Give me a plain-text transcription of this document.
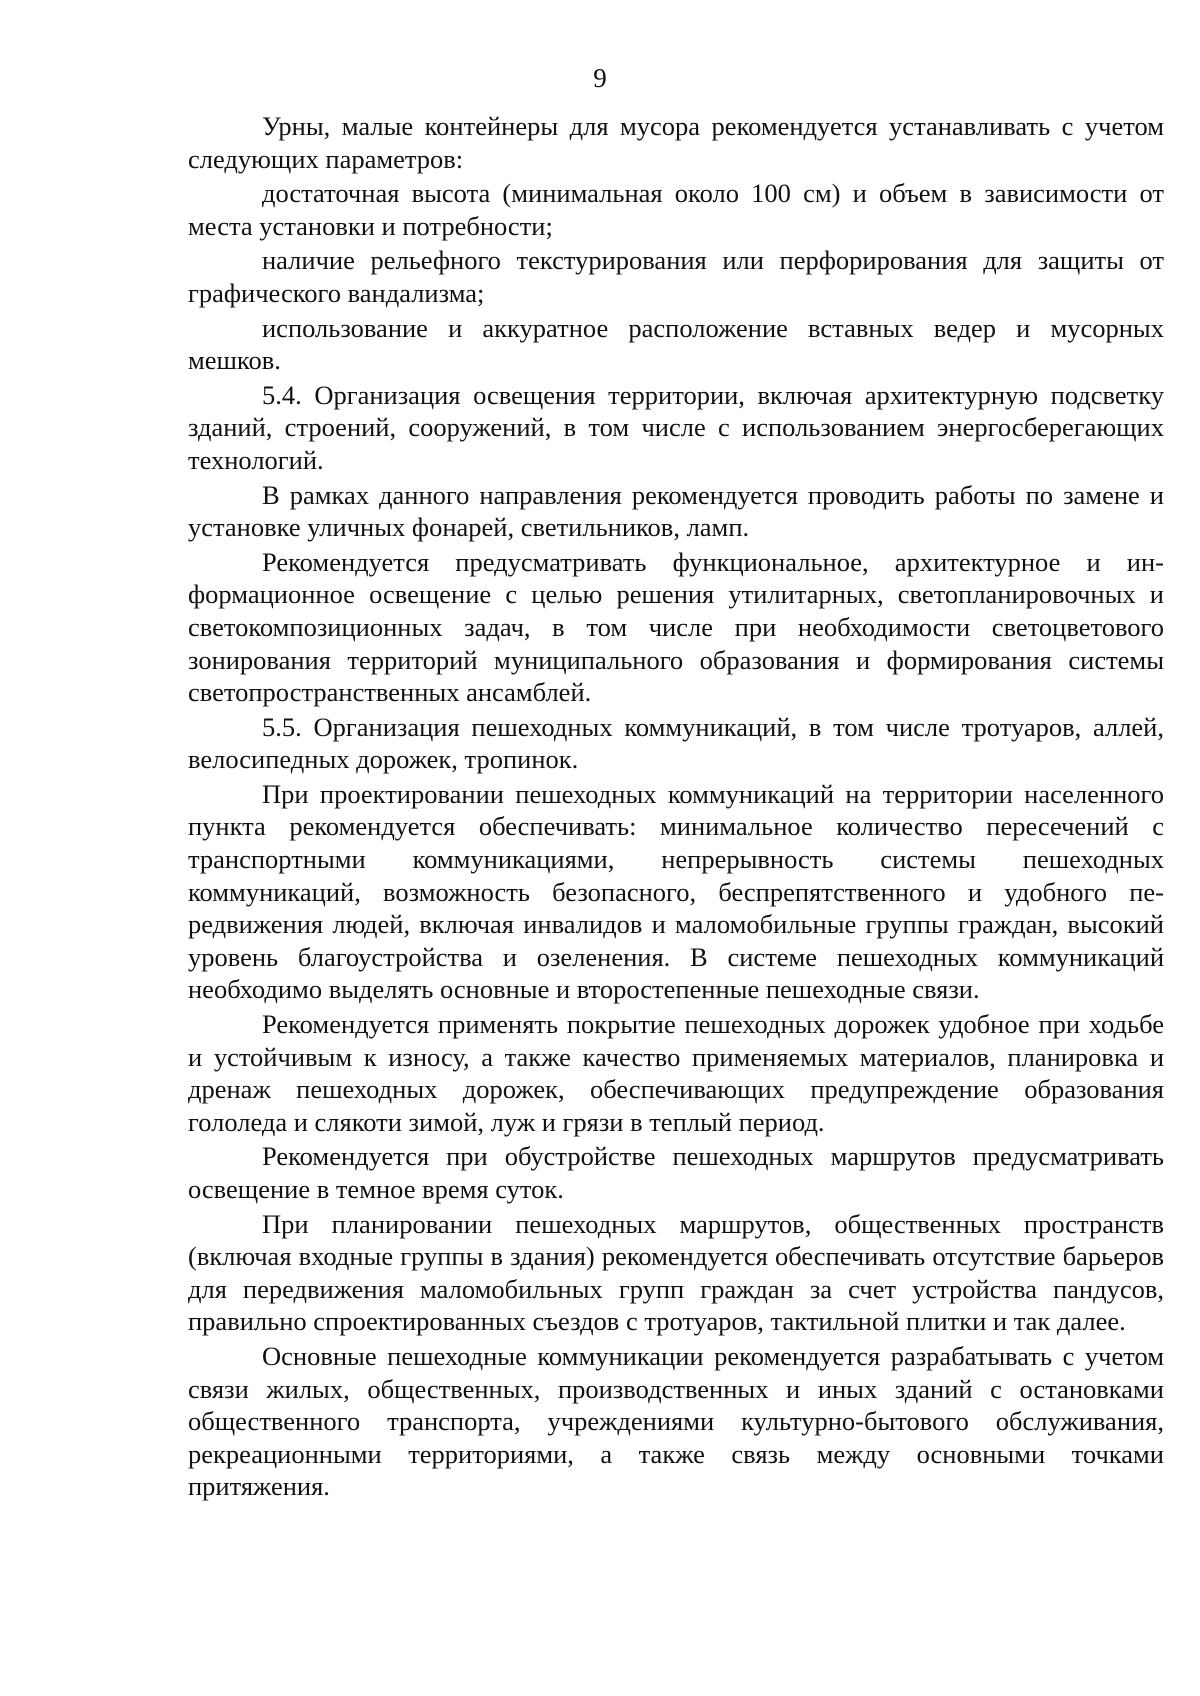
9

Урны, малые контейнеры для мусора рекомендуется устанавливать с учетом следующих параметров:

достаточная высота (минимальная около 100 см) и объем в зависимости от места установки и потребности;

наличие рельефного текстурирования или перфорирования для защиты от графического вандализма;

использование и аккуратное расположение вставных ведер и мусорных мешков.

5.4. Организация освещения территории, включая архитектурную подсветку зданий, строений, сооружений, в том числе с использованием энергосберегающих технологий.

В рамках данного направления рекомендуется проводить работы по замене и установке уличных фонарей, светильников, ламп.

Рекомендуется предусматривать функциональное, архитектурное и информационное освещение с целью решения утилитарных, светопланировочных и светокомпозиционных задач, в том числе при необходимости светоцветового зонирования территорий муниципального образования и формирования системы светопространственных ансамблей.

5.5. Организация пешеходных коммуникаций, в том числе тротуаров, аллей, велосипедных дорожек, тропинок.

При проектировании пешеходных коммуникаций на территории населенного пункта рекомендуется обеспечивать: минимальное количество пересечений с транспортными коммуникациями, непрерывность системы пешеходных коммуникаций, возможность безопасного, беспрепятственного и удобного передвижения людей, включая инвалидов и маломобильные группы граждан, высокий уровень благоустройства и озеленения. В системе пешеходных коммуникаций необходимо выделять основные и второстепенные пешеходные связи.

Рекомендуется применять покрытие пешеходных дорожек удобное при ходьбе и устойчивым к износу, а также качество применяемых материалов, планировка и дренаж пешеходных дорожек, обеспечивающих предупреждение образования гололеда и слякоти зимой, луж и грязи в теплый период.

Рекомендуется при обустройстве пешеходных маршрутов предусматривать освещение в темное время суток.

При планировании пешеходных маршрутов, общественных пространств (включая входные группы в здания) рекомендуется обеспечивать отсутствие барьеров для передвижения маломобильных групп граждан за счет устройства пандусов, правильно спроектированных съездов с тротуаров, тактильной плитки и так далее.

Основные пешеходные коммуникации рекомендуется разрабатывать с учетом связи жилых, общественных, производственных и иных зданий с остановками общественного транспорта, учреждениями культурно-бытового обслуживания, рекреационными территориями, а также связь между основными точками притяжения.
